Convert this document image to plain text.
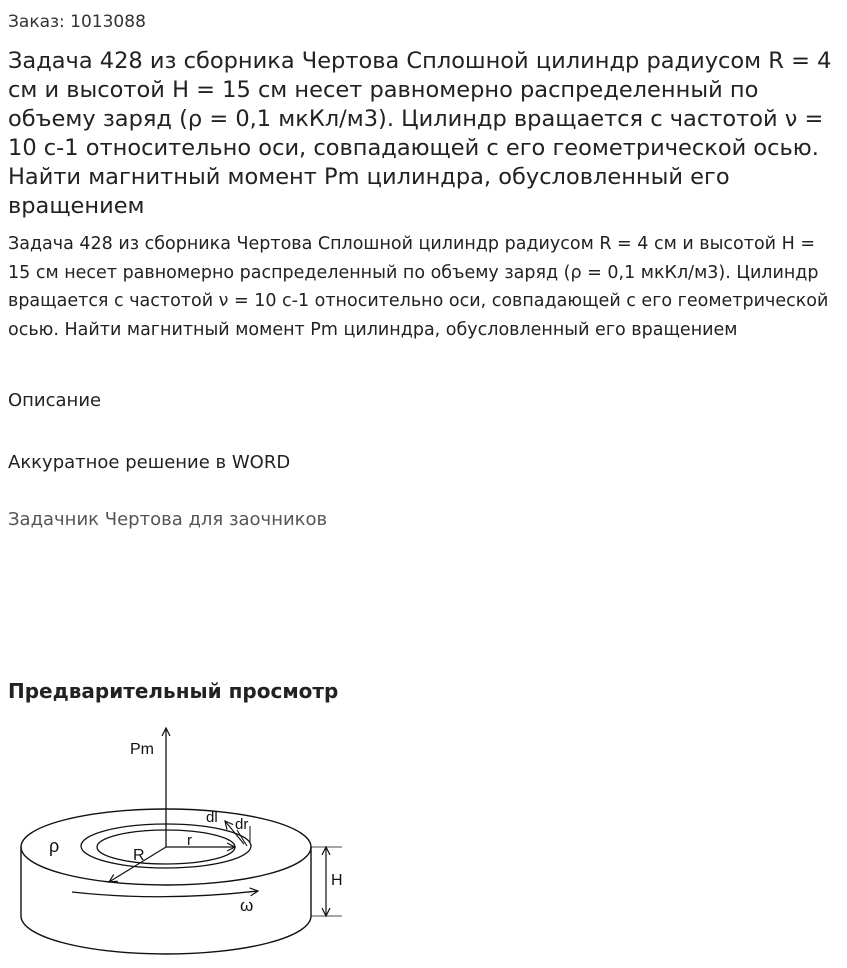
Заказ: 1013088
Задача 428 из сборника Чертова Сплошной цилиндр радиусом R = 4 см и высотой H = 15 см несет равномерно распределенный по объему заряд (ρ = 0,1 мкКл/м3). Цилиндр вращается с частотой ν = 10 с-1 относительно оси, совпадающей с его геометрической осью. Найти магнитный момент Pm цилиндра, обусловленный его вращением

Задача 428 из сборника Чертова Сплошной цилиндр радиусом R = 4 см и высотой H = 15 см несет равномерно распределенный по объему заряд (ρ = 0,1 мкКл/м3). Цилиндр вращается с частотой ν = 10 с-1 относительно оси, совпадающей с его геометрической осью. Найти магнитный момент Pm цилиндра, обусловленный его вращением

Описание
Аккуратное решение в WORD
Задачник Чертова для заочников
Предварительный просмотр
Pm
ρ	R
r
dl dr
H
ω
